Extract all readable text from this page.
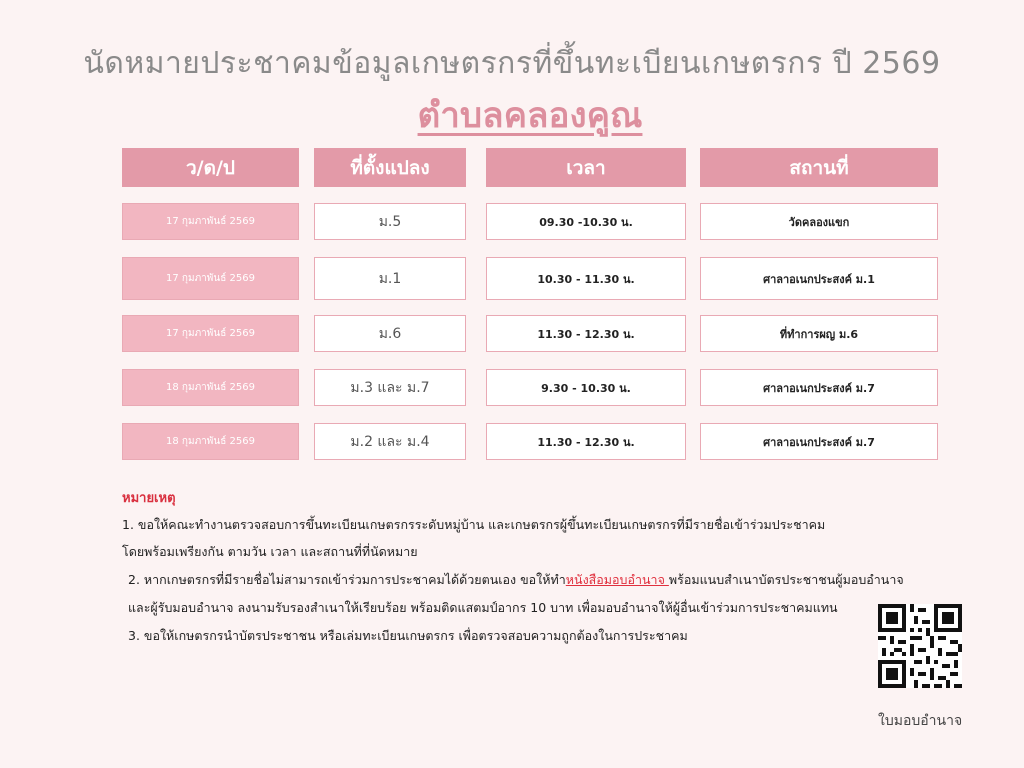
นัดหมายประชาคมข้อมูลเกษตรกรที่ขึ้นทะเบียนเกษตรกร ปี 2569
ตำบลคลองคูณ
ว/ด/ป	ที่ตั้งแปลง	เวลา	สถานที่
17 กุมภาพันธ์ 2569	ม.5	09.30 -10.30 น.	วัดคลองแขก
17 กุมภาพันธ์ 2569	ม.1	10.30 - 11.30 น.	ศาลาอเนกประสงค์ ม.1
17 กุมภาพันธ์ 2569	ม.6	11.30 - 12.30 น.	ที่ทำการผญ ม.6
18 กุมภาพันธ์ 2569	ม.3 และ ม.7	9.30 - 10.30 น.	ศาลาอเนกประสงค์ ม.7
18 กุมภาพันธ์ 2569	ม.2 และ ม.4	11.30 - 12.30 น.	ศาลาอเนกประสงค์ ม.7
หมายเหตุ
1. ขอให้คณะทำงานตรวจสอบการขึ้นทะเบียนเกษตรกรระดับหมู่บ้าน และเกษตรกรผู้ขึ้นทะเบียนเกษตรกรที่มีรายชื่อเข้าร่วมประชาคม
โดยพร้อมเพรียงกัน ตามวัน เวลา และสถานที่ที่นัดหมาย
2. หากเกษตรกรที่มีรายชื่อไม่สามารถเข้าร่วมการประชาคมได้ด้วยตนเอง ขอให้ทำหนังสือมอบอำนาจ พร้อมแนบสำเนาบัตรประชาชนผู้มอบอำนาจ
และผู้รับมอบอำนาจ ลงนามรับรองสำเนาให้เรียบร้อย พร้อมติดแสตมป์อากร 10 บาท เพื่อมอบอำนาจให้ผู้อื่นเข้าร่วมการประชาคมแทน
3. ขอให้เกษตรกรนำบัตรประชาชน หรือเล่มทะเบียนเกษตรกร เพื่อตรวจสอบความถูกต้องในการประชาคม
ใบมอบอำนาจ
